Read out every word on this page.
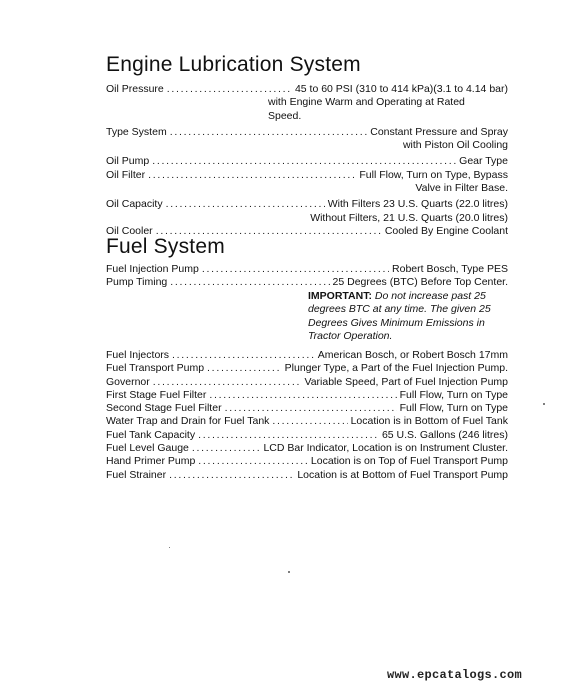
Engine Lubrication System
Oil Pressure . . .	45 to 60 PSI (310 to 414 kPa)(3.1 to 4.14 bar)
with Engine Warm and Operating at Rated
Speed.
Type System . . .	Constant Pressure and Spray
with Piston Oil Cooling
Oil Pump . . .	Gear Type
Oil Filter . . .	Full Flow, Turn on Type, Bypass
Valve in Filter Base.
Oil Capacity . . .	With Filters 23 U.S. Quarts (22.0 litres)
Without Filters, 21 U.S. Quarts (20.0 litres)
Oil Cooler . . .	Cooled By Engine Coolant
Fuel System
Fuel Injection Pump . . .	Robert Bosch, Type PES
Pump Timing . . .	25 Degrees (BTC) Before Top Center.
IMPORTANT: Do not increase past 25
degrees BTC at any time. The given 25
Degrees Gives Minimum Emissions in
Tractor Operation.
Fuel Injectors . . .	American Bosch, or Robert Bosch 17mm
Fuel Transport Pump . . .	Plunger Type, a Part of the Fuel Injection Pump.
Governor . . .	Variable Speed, Part of Fuel Injection Pump
First Stage Fuel Filter . . .	Full Flow, Turn on Type
Second Stage Fuel Filter . . .	Full Flow, Turn on Type
Water Trap and Drain for Fuel Tank . . .	Location is in Bottom of Fuel Tank
Fuel Tank Capacity . . .	65 U.S. Gallons (246 litres)
Fuel Level Gauge . . .	LCD Bar Indicator, Location is on Instrument Cluster.
Hand Primer Pump . . .	Location is on Top of Fuel Transport Pump
Fuel Strainer . . .	Location is at Bottom of Fuel Transport Pump
www.epcatalogs.com
